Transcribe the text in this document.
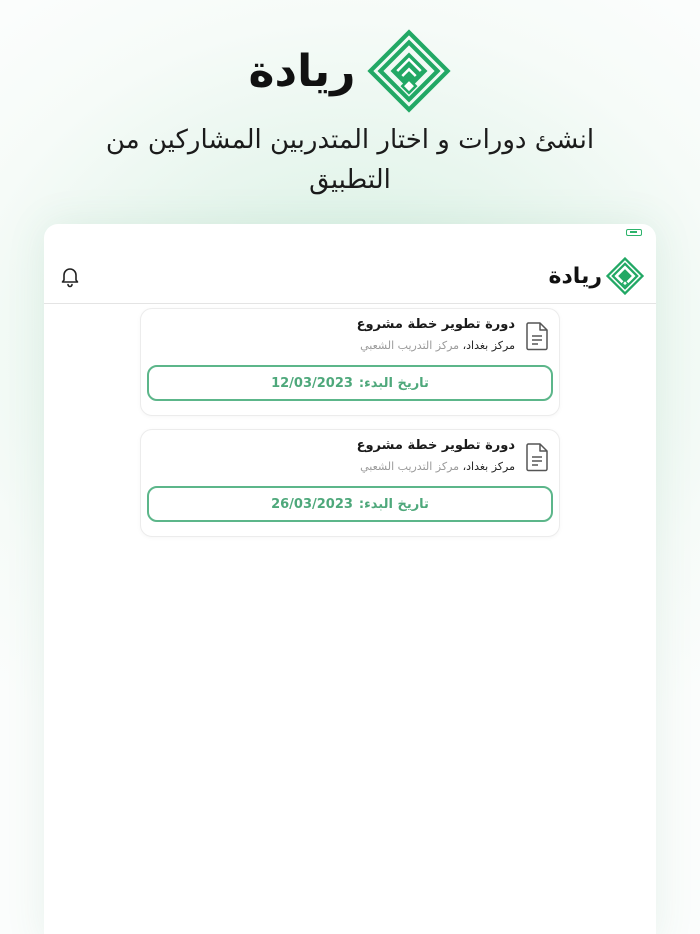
ريادة
انشئ دورات و اختار المتدربين المشاركين من التطبيق
ريادة
دورة تطوير خطة مشروع
مركز بغداد، مركز التدريب الشعبي
تاريخ البدء:
12/03/2023
دورة تطوير خطة مشروع
مركز بغداد، مركز التدريب الشعبي
تاريخ البدء:
26/03/2023
